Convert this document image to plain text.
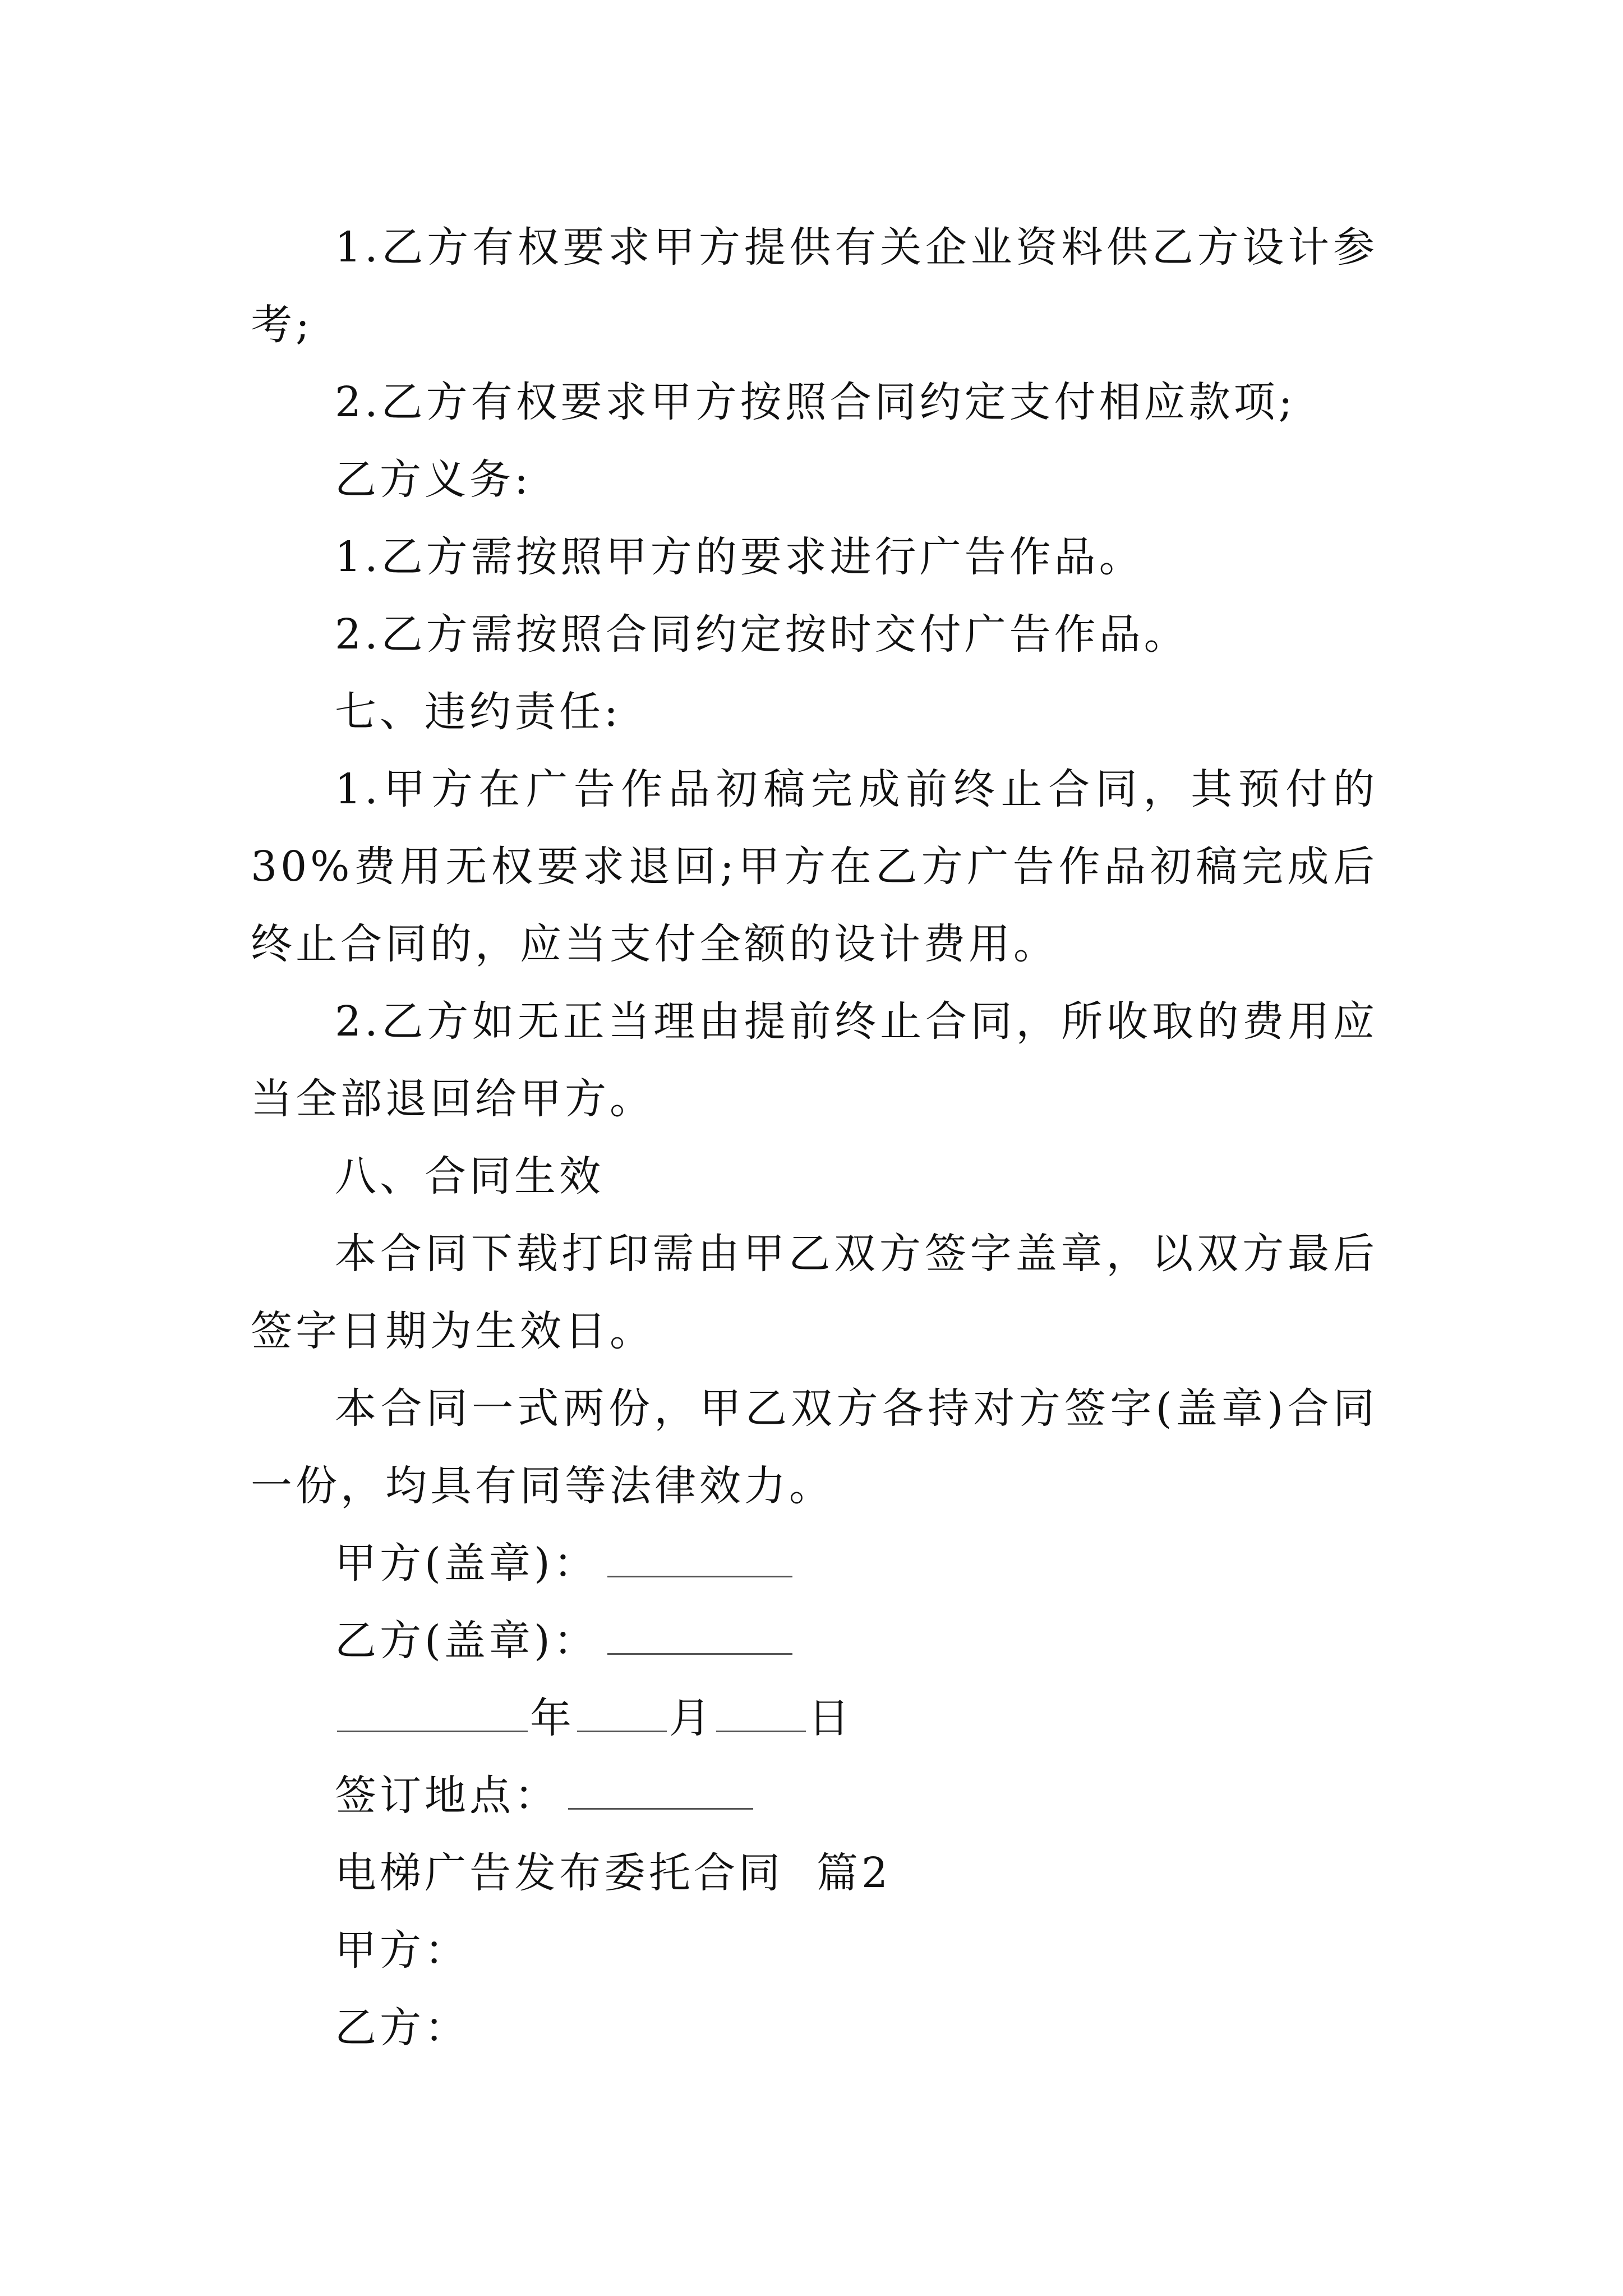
1.乙方有权要求甲方提供有关企业资料供乙方设计参考;

2.乙方有权要求甲方按照合同约定支付相应款项;

乙方义务:

1.乙方需按照甲方的要求进行广告作品。

2.乙方需按照合同约定按时交付广告作品。

七、违约责任:

1.甲方在广告作品初稿完成前终止合同，其预付的30%费用无权要求退回;甲方在乙方广告作品初稿完成后终止合同的，应当支付全额的设计费用。

2.乙方如无正当理由提前终止合同，所收取的费用应当全部退回给甲方。

八、合同生效

本合同下载打印需由甲乙双方签字盖章，以双方最后签字日期为生效日。

本合同一式两份，甲乙双方各持对方签字(盖章)合同一份，均具有同等法律效力。

甲方(盖章)：

乙方(盖章)：

年 月 日

签订地点：

电梯广告发布委托合同  篇2

甲方：

乙方：
